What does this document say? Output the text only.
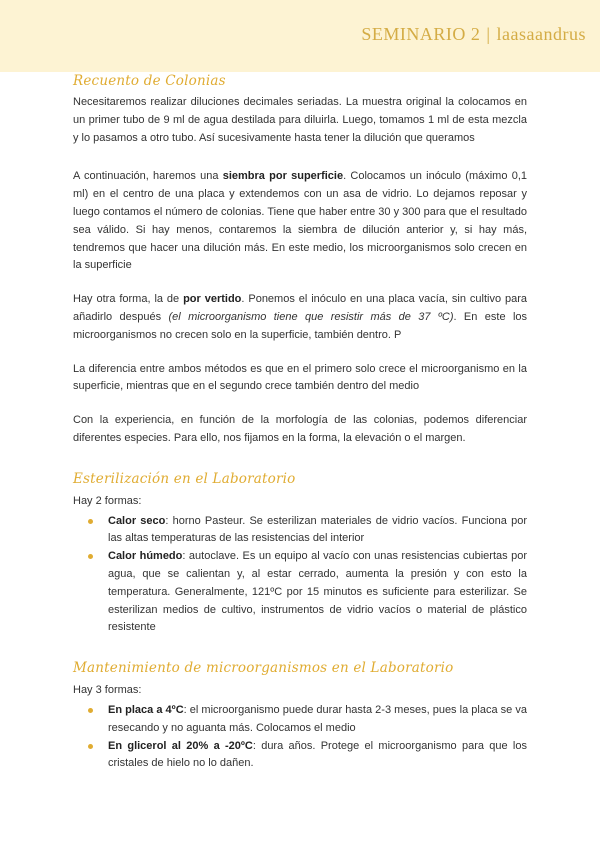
SEMINARIO 2 | laasaandrus
Recuento de Colonias

Necesitaremos realizar diluciones decimales seriadas. La muestra original la colocamos en un primer tubo de 9 ml de agua destilada para diluirla. Luego, tomamos 1 ml de esta mezcla y lo pasamos a otro tubo. Así sucesivamente hasta tener la dilución que queramos

A continuación, haremos una siembra por superficie. Colocamos un inóculo (máximo 0,1 ml) en el centro de una placa y extendemos con un asa de vidrio. Lo dejamos reposar y luego contamos el número de colonias. Tiene que haber entre 30 y 300 para que el resultado sea válido. Si hay menos, contaremos la siembra de dilución anterior y, si hay más, tendremos que hacer una dilución más. En este medio, los microorganismos solo crecen en la superficie

Hay otra forma, la de por vertido. Ponemos el inóculo en una placa vacía, sin cultivo para añadirlo después (el microorganismo tiene que resistir más de 37 ºC). En este los microorganismos no crecen solo en la superficie, también dentro. P

La diferencia entre ambos métodos es que en el primero solo crece el microorganismo en la superficie, mientras que en el segundo crece también dentro del medio

Con la experiencia, en función de la morfología de las colonias, podemos diferenciar diferentes especies. Para ello, nos fijamos en la forma, la elevación o el margen.

Esterilización en el Laboratorio

Hay 2 formas:

Calor seco: horno Pasteur. Se esterilizan materiales de vidrio vacíos. Funciona por las altas temperaturas de las resistencias del interior
Calor húmedo: autoclave. Es un equipo al vacío con unas resistencias cubiertas por agua, que se calientan y, al estar cerrado, aumenta la presión y con esto la temperatura. Generalmente, 121ºC por 15 minutos es suficiente para esterilizar. Se esterilizan medios de cultivo, instrumentos de vidrio vacíos o material de plástico resistente
Mantenimiento de microorganismos en el Laboratorio

Hay 3 formas:

En placa a 4ºC: el microorganismo puede durar hasta 2-3 meses, pues la placa se va resecando y no aguanta más. Colocamos el medio
En glicerol al 20% a -20ºC: dura años. Protege el microorganismo para que los cristales de hielo no lo dañen.
